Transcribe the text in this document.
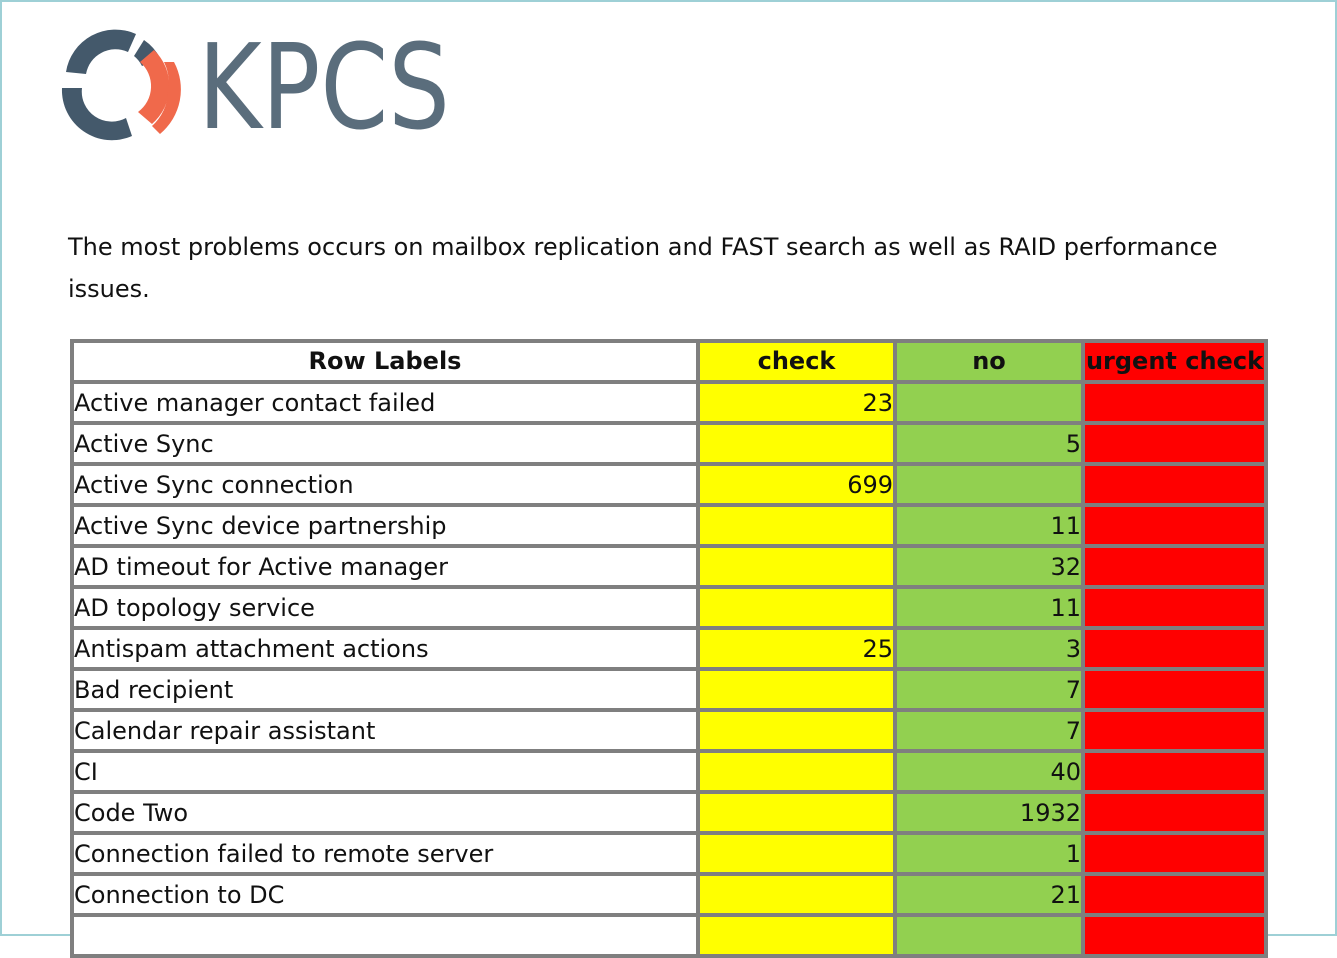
KPCS

The most problems occurs on mailbox replication and FAST search as well as RAID performance issues.

Row Labels	check	no	urgent check
Active manager contact failed	23		
Active Sync		5	
Active Sync connection	699		
Active Sync device partnership		11	
AD timeout for Active manager		32	
AD topology service		11	
Antispam attachment actions	25	3	
Bad recipient		7	
Calendar repair assistant		7	
CI		40	
Code Two		1932	
Connection failed to remote server		1	
Connection to DC		21	
